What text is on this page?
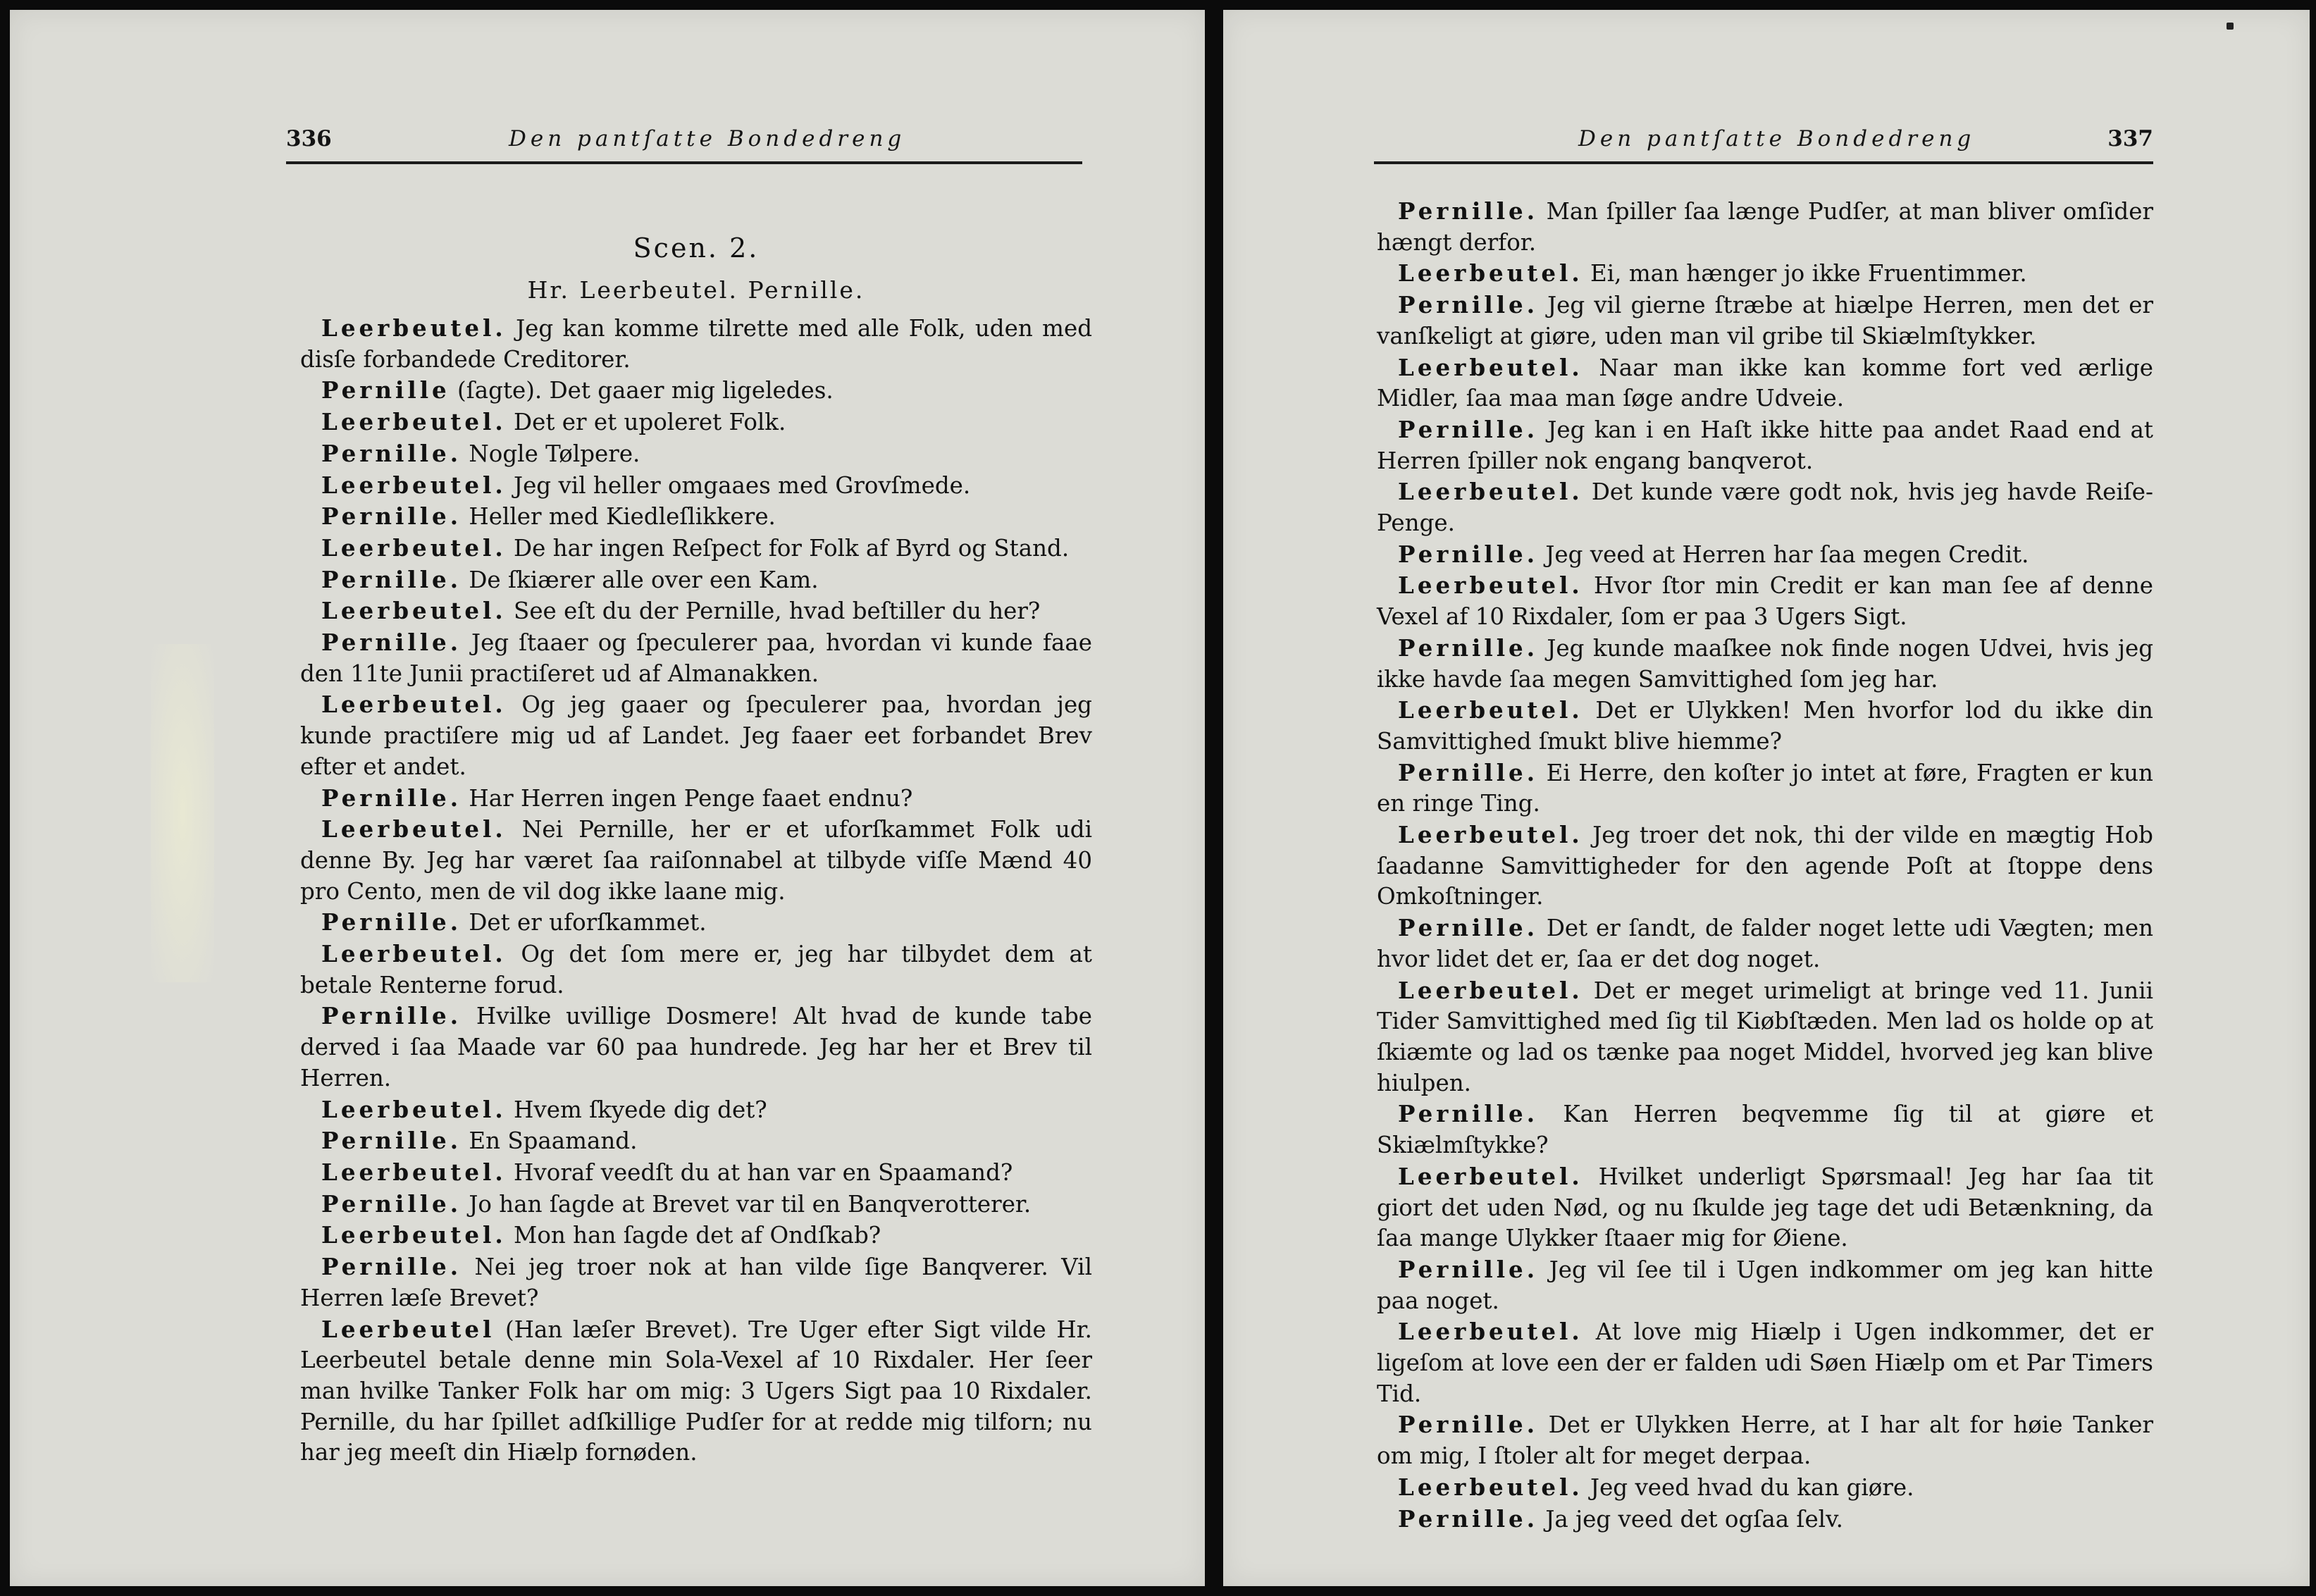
336	Den pantſatte Bondedreng
Scen. 2.
Hr. Leerbeutel. Pernille.

Leerbeutel. Jeg kan komme tilrette med alle Folk, uden med disſe forbandede Creditorer.

Pernille (ſagte). Det gaaer mig ligeledes.

Leerbeutel. Det er et upoleret Folk.

Pernille. Nogle Tølpere.

Leerbeutel. Jeg vil heller omgaaes med Grovſmede.

Pernille. Heller med Kiedleſlikkere.

Leerbeutel. De har ingen Reſpect for Folk af Byrd og Stand.

Pernille. De ſkiærer alle over een Kam.

Leerbeutel. See eſt du der Pernille, hvad beſtiller du her?

Pernille. Jeg ſtaaer og ſpeculerer paa, hvordan vi kunde faae den 11te Junii practiſeret ud af Almanakken.

Leerbeutel. Og jeg gaaer og ſpeculerer paa, hvordan jeg kunde practiſere mig ud af Landet. Jeg faaer eet forbandet Brev efter et andet.

Pernille. Har Herren ingen Penge faaet endnu?

Leerbeutel. Nei Pernille, her er et uforſkammet Folk udi denne By. Jeg har været ſaa raiſonnabel at tilbyde viſſe Mænd 40 pro Cento, men de vil dog ikke laane mig.

Pernille. Det er uforſkammet.

Leerbeutel. Og det ſom mere er, jeg har tilbydet dem at betale Renterne forud.

Pernille. Hvilke uvillige Dosmere! Alt hvad de kunde tabe derved i ſaa Maade var 60 paa hundrede. Jeg har her et Brev til Herren.

Leerbeutel. Hvem ſkyede dig det?

Pernille. En Spaamand.

Leerbeutel. Hvoraf veedſt du at han var en Spaamand?

Pernille. Jo han ſagde at Brevet var til en Banqverotterer.

Leerbeutel. Mon han ſagde det af Ondſkab?

Pernille. Nei jeg troer nok at han vilde ſige Banqverer. Vil Herren læſe Brevet?

Leerbeutel (Han læſer Brevet). Tre Uger efter Sigt vilde Hr. Leerbeutel betale denne min Sola-Vexel af 10 Rixdaler. Her ſeer man hvilke Tanker Folk har om mig: 3 Ugers Sigt paa 10 Rixdaler. Pernille, du har ſpillet adſkillige Pudſer for at redde mig tilforn; nu har jeg meeſt din Hiælp fornøden.

Den pantſatte Bondedreng	337

Pernille. Man ſpiller ſaa længe Pudſer, at man bliver omſider hængt derfor.

Leerbeutel. Ei, man hænger jo ikke Fruentimmer.

Pernille. Jeg vil gierne ſtræbe at hiælpe Herren, men det er vanſkeligt at giøre, uden man vil gribe til Skiælmſtykker.

Leerbeutel. Naar man ikke kan komme fort ved ærlige Midler, ſaa maa man ſøge andre Udveie.

Pernille. Jeg kan i en Haſt ikke hitte paa andet Raad end at Herren ſpiller nok engang banqverot.

Leerbeutel. Det kunde være godt nok, hvis jeg havde Reiſe-Penge.

Pernille. Jeg veed at Herren har ſaa megen Credit.

Leerbeutel. Hvor ſtor min Credit er kan man ſee af denne Vexel af 10 Rixdaler, ſom er paa 3 Ugers Sigt.

Pernille. Jeg kunde maaſkee nok finde nogen Udvei, hvis jeg ikke havde ſaa megen Samvittighed ſom jeg har.

Leerbeutel. Det er Ulykken! Men hvorfor lod du ikke din Samvittighed ſmukt blive hiemme?

Pernille. Ei Herre, den koſter jo intet at føre, Fragten er kun en ringe Ting.

Leerbeutel. Jeg troer det nok, thi der vilde en mægtig Hob ſaadanne Samvittigheder for den agende Poſt at ſtoppe dens Omkoſtninger.

Pernille. Det er ſandt, de falder noget lette udi Vægten; men hvor lidet det er, ſaa er det dog noget.

Leerbeutel. Det er meget urimeligt at bringe ved 11. Junii Tider Samvittighed med ſig til Kiøbſtæden. Men lad os holde op at ſkiæmte og lad os tænke paa noget Middel, hvorved jeg kan blive hiulpen.

Pernille. Kan Herren beqvemme ſig til at giøre et Skiælmſtykke?

Leerbeutel. Hvilket underligt Spørsmaal! Jeg har ſaa tit giort det uden Nød, og nu ſkulde jeg tage det udi Betænkning, da ſaa mange Ulykker ſtaaer mig for Øiene.

Pernille. Jeg vil ſee til i Ugen indkommer om jeg kan hitte paa noget.

Leerbeutel. At love mig Hiælp i Ugen indkommer, det er ligeſom at love een der er falden udi Søen Hiælp om et Par Timers Tid.

Pernille. Det er Ulykken Herre, at I har alt for høie Tanker om mig, I ſtoler alt for meget derpaa.

Leerbeutel. Jeg veed hvad du kan giøre.

Pernille. Ja jeg veed det ogſaa ſelv.
